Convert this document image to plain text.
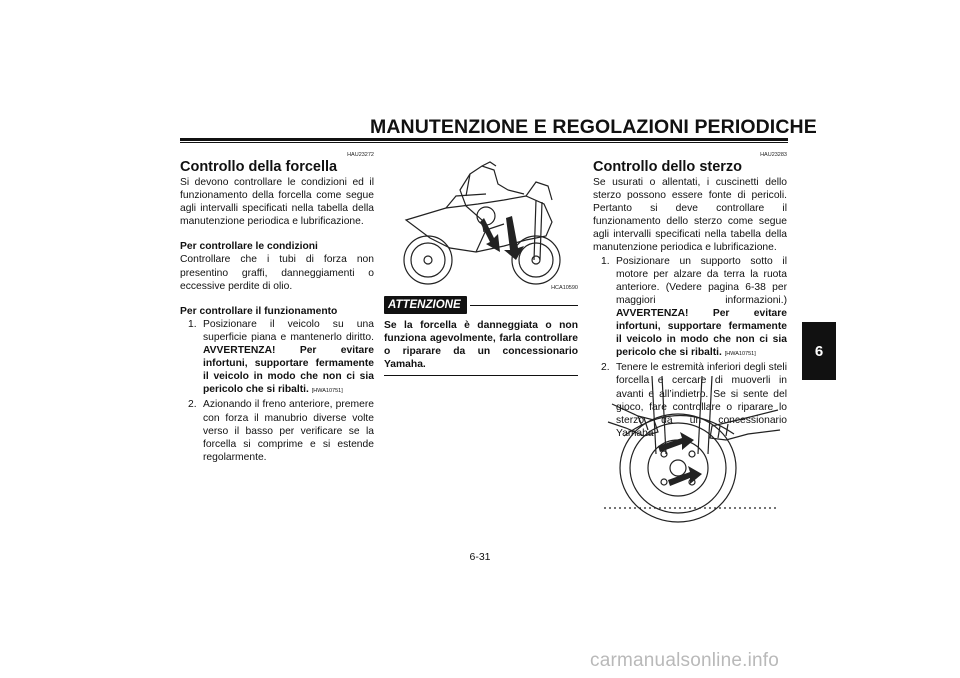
MANUTENZIONE E REGOLAZIONI PERIODICHE
HAU23272
Controllo della forcella

Si devono controllare le condizioni ed il funzionamento della forcella come segue agli intervalli specificati nella tabella della manutenzione periodica e lubrificazione.

Per controllare le condizioni

Controllare che i tubi di forza non presentino graffi, danneggiamenti o eccessive perdite di olio.

Per controllare il funzionamento

1. Posizionare il veicolo su una superficie piana e mantenerlo diritto. AVVERTENZA! Per evitare infortuni, supportare fermamente il veicolo in modo che non ci sia pericolo che si ribalti. [HWA10751]
2. Azionando il freno anteriore, premere con forza il manubrio diverse volte verso il basso per verificare se la forcella si comprime e si estende regolarmente.
HCA10590
ATTENZIONE

Se la forcella è danneggiata o non funziona agevolmente, farla controllare o riparare da un concessionario Yamaha.

HAU23283
Controllo dello sterzo

Se usurati o allentati, i cuscinetti dello sterzo possono essere fonte di pericoli. Pertanto si deve controllare il funzionamento dello sterzo come segue agli intervalli specificati nella tabella della manutenzione periodica e lubrificazione.

1. Posizionare un supporto sotto il motore per alzare da terra la ruota anteriore. (Vedere pagina 6-38 per maggiori informazioni.) AVVERTENZA! Per evitare infortuni, supportare fermamente il veicolo in modo che non ci sia pericolo che si ribalti. [HWA10751]
2. Tenere le estremità inferiori degli steli forcella e cercare di muoverli in avanti e all’indietro. Se si sente del gioco, fare controllare o riparare lo sterzo da un concessionario Yamaha.
6
6-31
carmanualsonline.info
